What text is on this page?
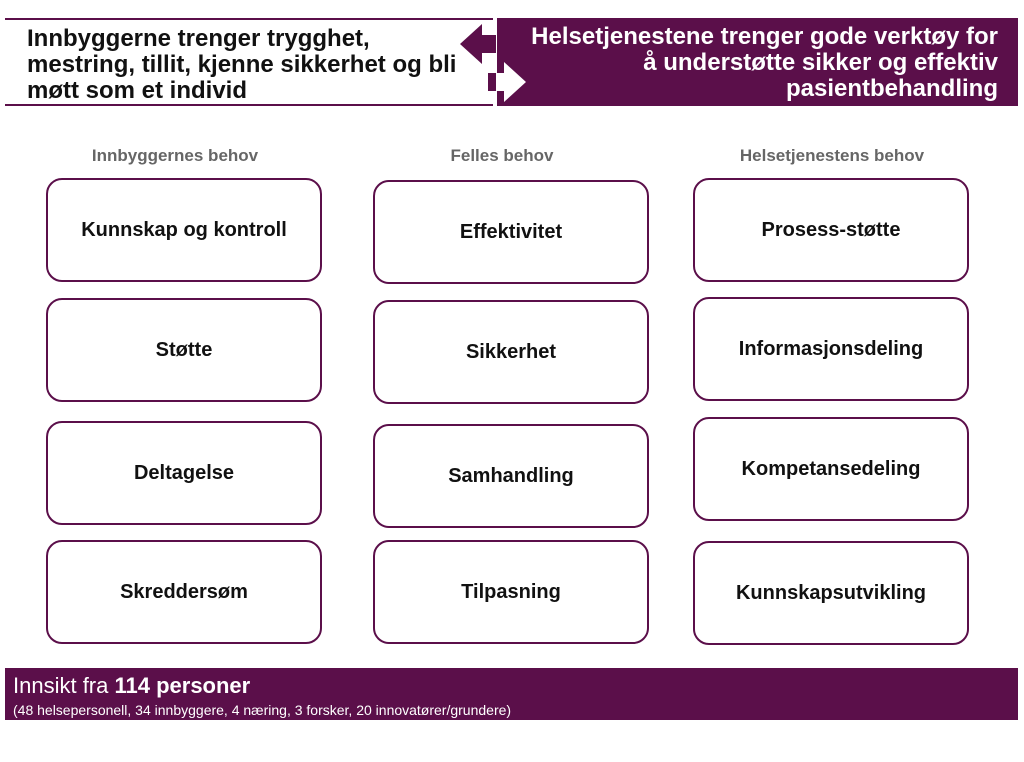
Innbyggerne trenger trygghet, mestring, tillit, kjenne sikkerhet og bli møtt som et individ
Helsetjenestene trenger gode verktøy for å understøtte sikker og effektiv pasientbehandling
Innbyggernes behov	Felles behov	Helsetjenestens behov
Kunnskap og kontroll
Støtte
Deltagelse
Skreddersøm
Effektivitet
Sikkerhet
Samhandling
Tilpasning
Prosess-støtte
Informasjonsdeling
Kompetansedeling
Kunnskapsutvikling
Innsikt fra 114 personer
(48 helsepersonell, 34 innbyggere, 4 næring, 3 forsker, 20 innovatører/grundere)
